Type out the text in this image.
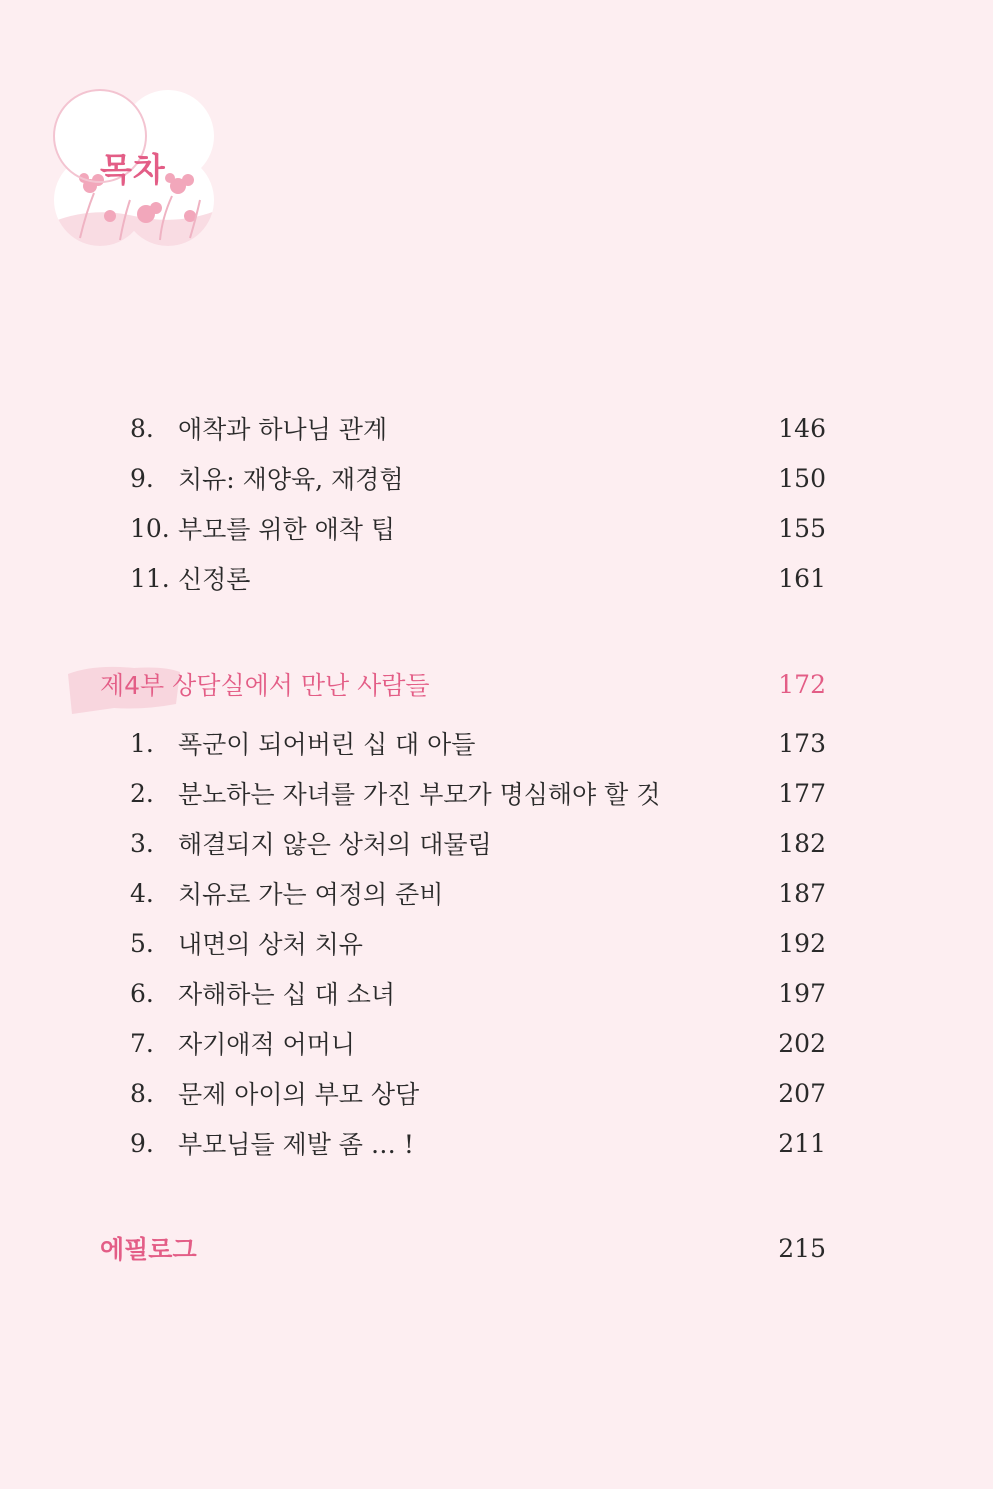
목차
8. 애착과 하나님 관계	146
9. 치유: 재양육, 재경험	150
10. 부모를 위한 애착 팁	155
11. 신정론	161
제4부 상담실에서 만난 사람들	172
1. 폭군이 되어버린 십 대 아들	173
2. 분노하는 자녀를 가진 부모가 명심해야 할 것	177
3. 해결되지 않은 상처의 대물림	182
4. 치유로 가는 여정의 준비	187
5. 내면의 상처 치유	192
6. 자해하는 십 대 소녀	197
7. 자기애적 어머니	202
8. 문제 아이의 부모 상담	207
9. 부모님들 제발 좀 … !	211
에필로그	215
